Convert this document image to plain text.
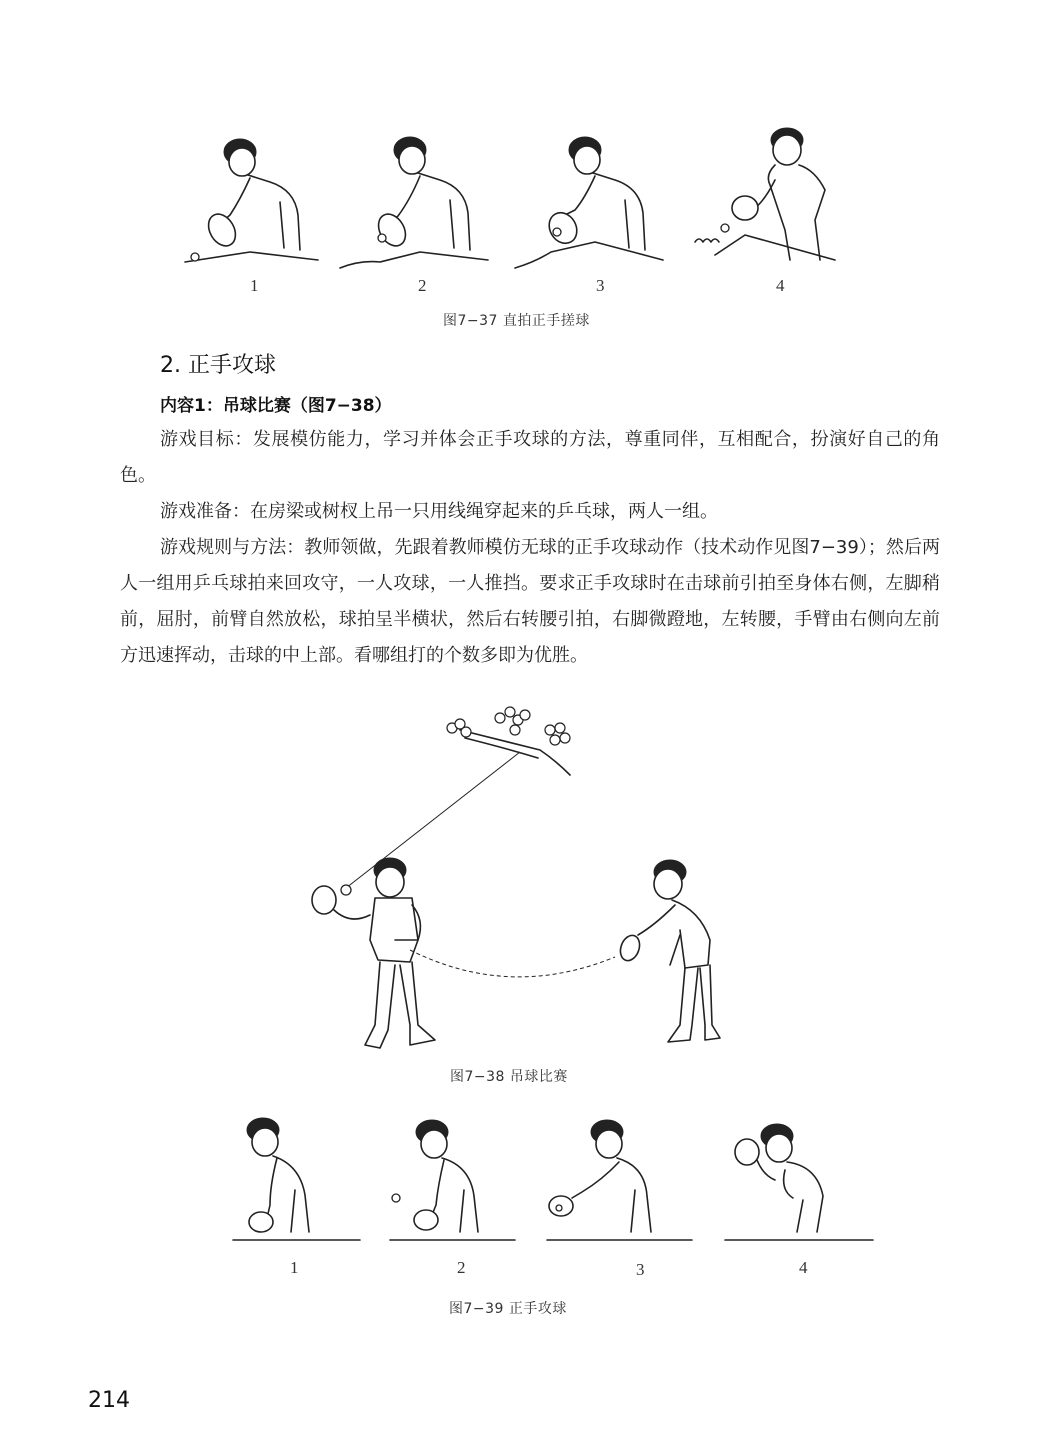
1	2	3	4
图7−37 直拍正手搓球
2. 正手攻球
内容1：吊球比赛（图7−38）

游戏目标：发展模仿能力，学习并体会正手攻球的方法，尊重同伴，互相配合，扮演好自己的角色。

游戏准备：在房梁或树杈上吊一只用线绳穿起来的乒乓球，两人一组。

游戏规则与方法：教师领做，先跟着教师模仿无球的正手攻球动作（技术动作见图7−39）；然后两人一组用乒乓球拍来回攻守，一人攻球，一人推挡。要求正手攻球时在击球前引拍至身体右侧，左脚稍前，屈肘，前臂自然放松，球拍呈半横状，然后右转腰引拍，右脚微蹬地，左转腰，手臂由右侧向左前方迅速挥动，击球的中上部。看哪组打的个数多即为优胜。

图7−38 吊球比赛
1	2	3	4
图7−39 正手攻球
214
